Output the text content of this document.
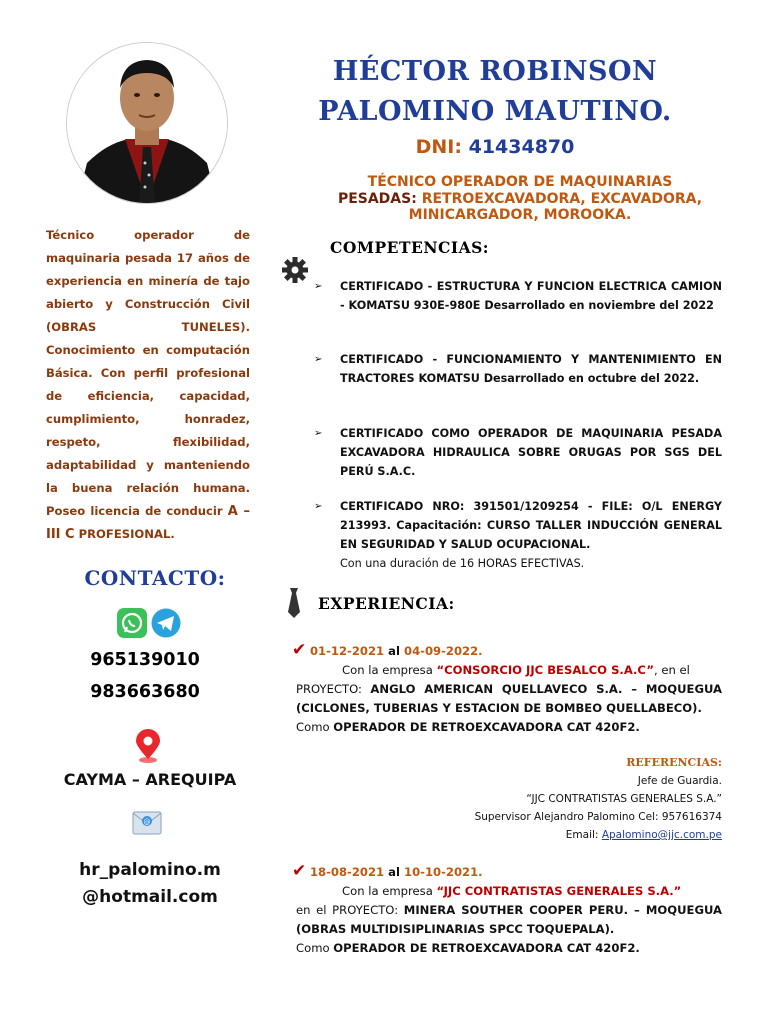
Técnico operador de maquinaria pesada 17 años de experiencia en minería de tajo abierto y Construcción Civil (OBRAS TUNELES). Conocimiento en computación Básica. Con perfil profesional de eficiencia, capacidad, cumplimiento, honradez, respeto, flexibilidad, adaptabilidad y manteniendo la buena relación humana. Poseo licencia de conducir A – III C PROFESIONAL.
CONTACTO:
965139010
983663680
CAYMA – AREQUIPA
@
hr_palomino.m
@hotmail.com
HÉCTOR ROBINSON
PALOMINO MAUTINO.
DNI: 41434870
TÉCNICO OPERADOR DE MAQUINARIAS
PESADAS: RETROEXCAVADORA, EXCAVADORA,
MINICARGADOR, MOROOKA.
COMPETENCIAS:
➢ CERTIFICADO - ESTRUCTURA Y FUNCION ELECTRICA CAMION - KOMATSU 930E-980E Desarrollado en noviembre del 2022
➢ CERTIFICADO - FUNCIONAMIENTO Y MANTENIMIENTO EN TRACTORES KOMATSU Desarrollado en octubre del 2022.
➢ CERTIFICADO COMO OPERADOR DE MAQUINARIA PESADA EXCAVADORA HIDRAULICA SOBRE ORUGAS POR SGS DEL PERÚ S.A.C.
➢ CERTIFICADO NRO: 391501/1209254 - FILE: O/L ENERGY 213993. Capacitación: CURSO TALLER INDUCCIÓN GENERAL EN SEGURIDAD Y SALUD OCUPACIONAL.
Con una duración de 16 HORAS EFECTIVAS.
EXPERIENCIA:
✔ 01-12-2021 al 04-09-2022.
Con la empresa “CONSORCIO JJC BESALCO S.A.C”, en el
PROYECTO: ANGLO AMERICAN QUELLAVECO S.A. – MOQUEGUA (CICLONES, TUBERIAS Y ESTACION DE BOMBEO QUELLABECO).
Como OPERADOR DE RETROEXCAVADORA CAT 420F2.
REFERENCIAS:
Jefe de Guardia.
“JJC CONTRATISTAS GENERALES S.A.”
Supervisor Alejandro Palomino Cel: 957616374
Email: Apalomino@jjc.com.pe
✔ 18-08-2021 al 10-10-2021.
Con la empresa “JJC CONTRATISTAS GENERALES S.A.”
en el PROYECTO: MINERA SOUTHER COOPER PERU. – MOQUEGUA (OBRAS MULTIDISIPLINARIAS SPCC TOQUEPALA).
Como OPERADOR DE RETROEXCAVADORA CAT 420F2.
